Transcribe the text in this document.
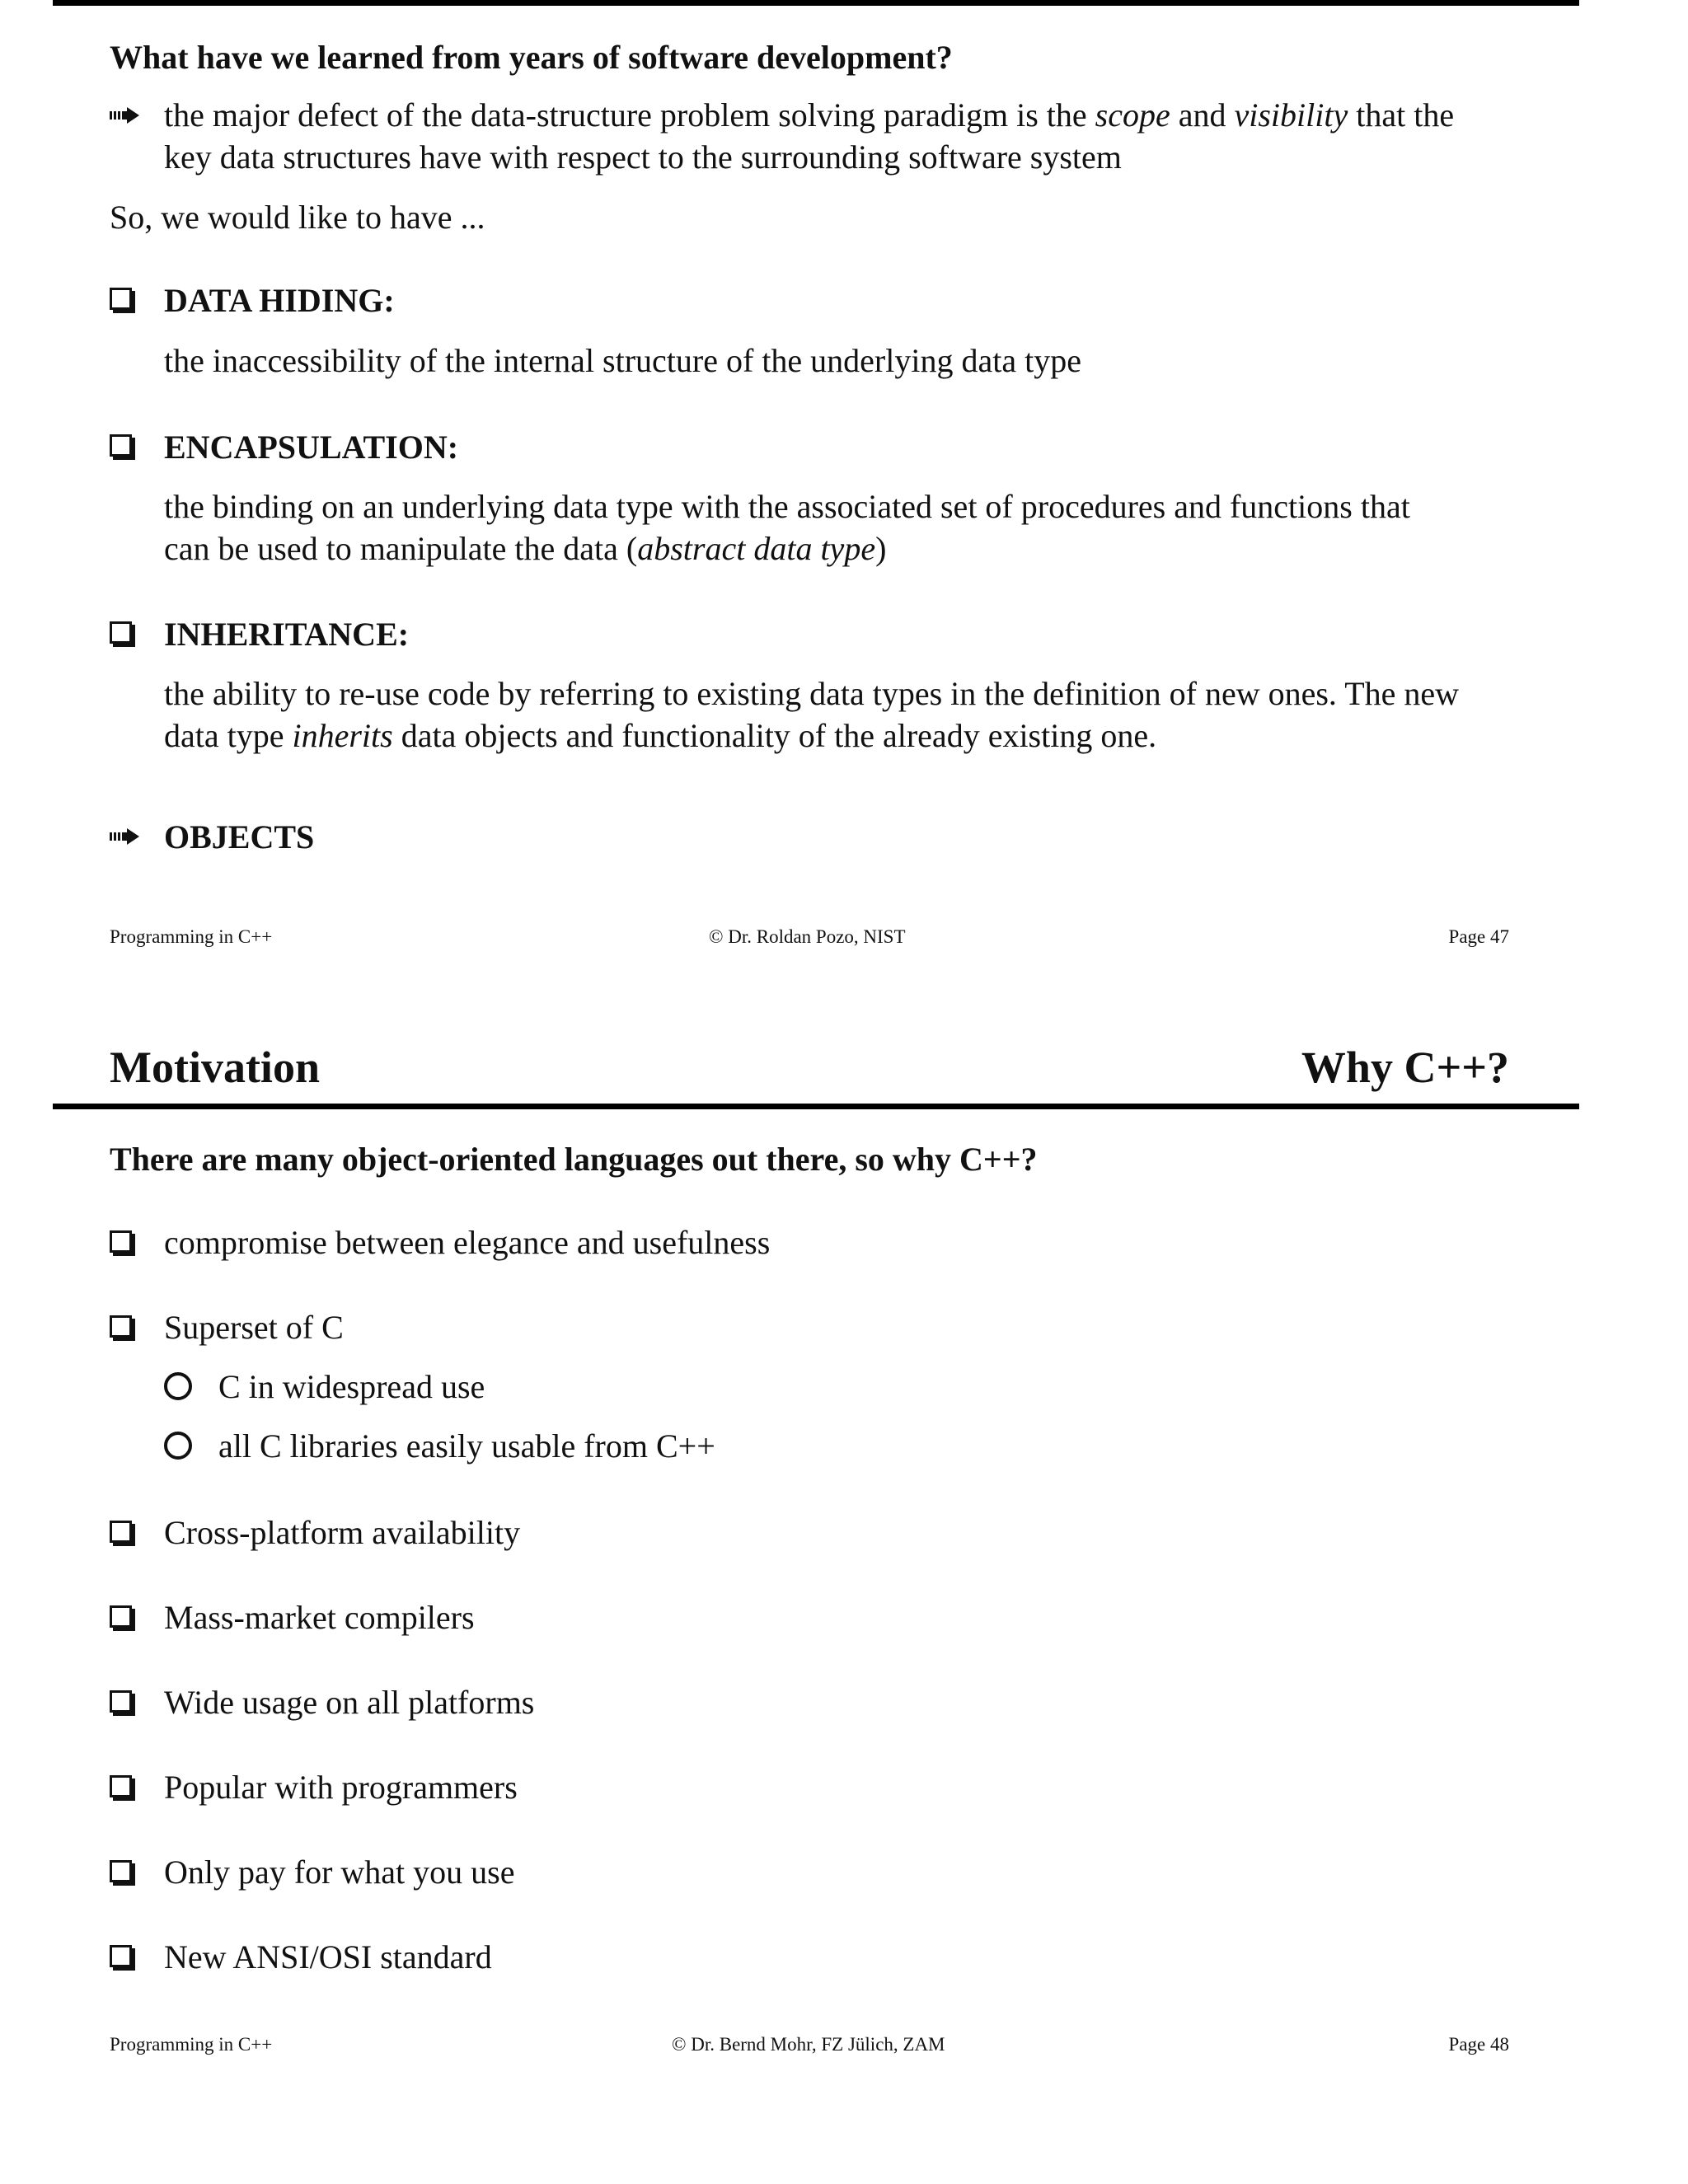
What have we learned from years of software development?
the major defect of the data-structure problem solving paradigm is the scope and visibility that the
key data structures have with respect to the surrounding software system
So, we would like to have ...
DATA HIDING:
the inaccessibility of the internal structure of the underlying data type
ENCAPSULATION:
the binding on an underlying data type with the associated set of procedures and functions that
can be used to manipulate the data (abstract data type)
INHERITANCE:
the ability to re-use code by referring to existing data types in the definition of new ones. The new
data type inherits data objects and functionality of the already existing one.
OBJECTS
Programming in C++	© Dr. Roldan Pozo, NIST	Page 47
Motivation	Why C++?
There are many object-oriented languages out there, so why C++?
compromise between elegance and usefulness
Superset of C
C in widespread use
all C libraries easily usable from C++
Cross-platform availability
Mass-market compilers
Wide usage on all platforms
Popular with programmers
Only pay for what you use
New ANSI/OSI standard
Programming in C++	© Dr. Bernd Mohr, FZ Jülich, ZAM	Page 48
